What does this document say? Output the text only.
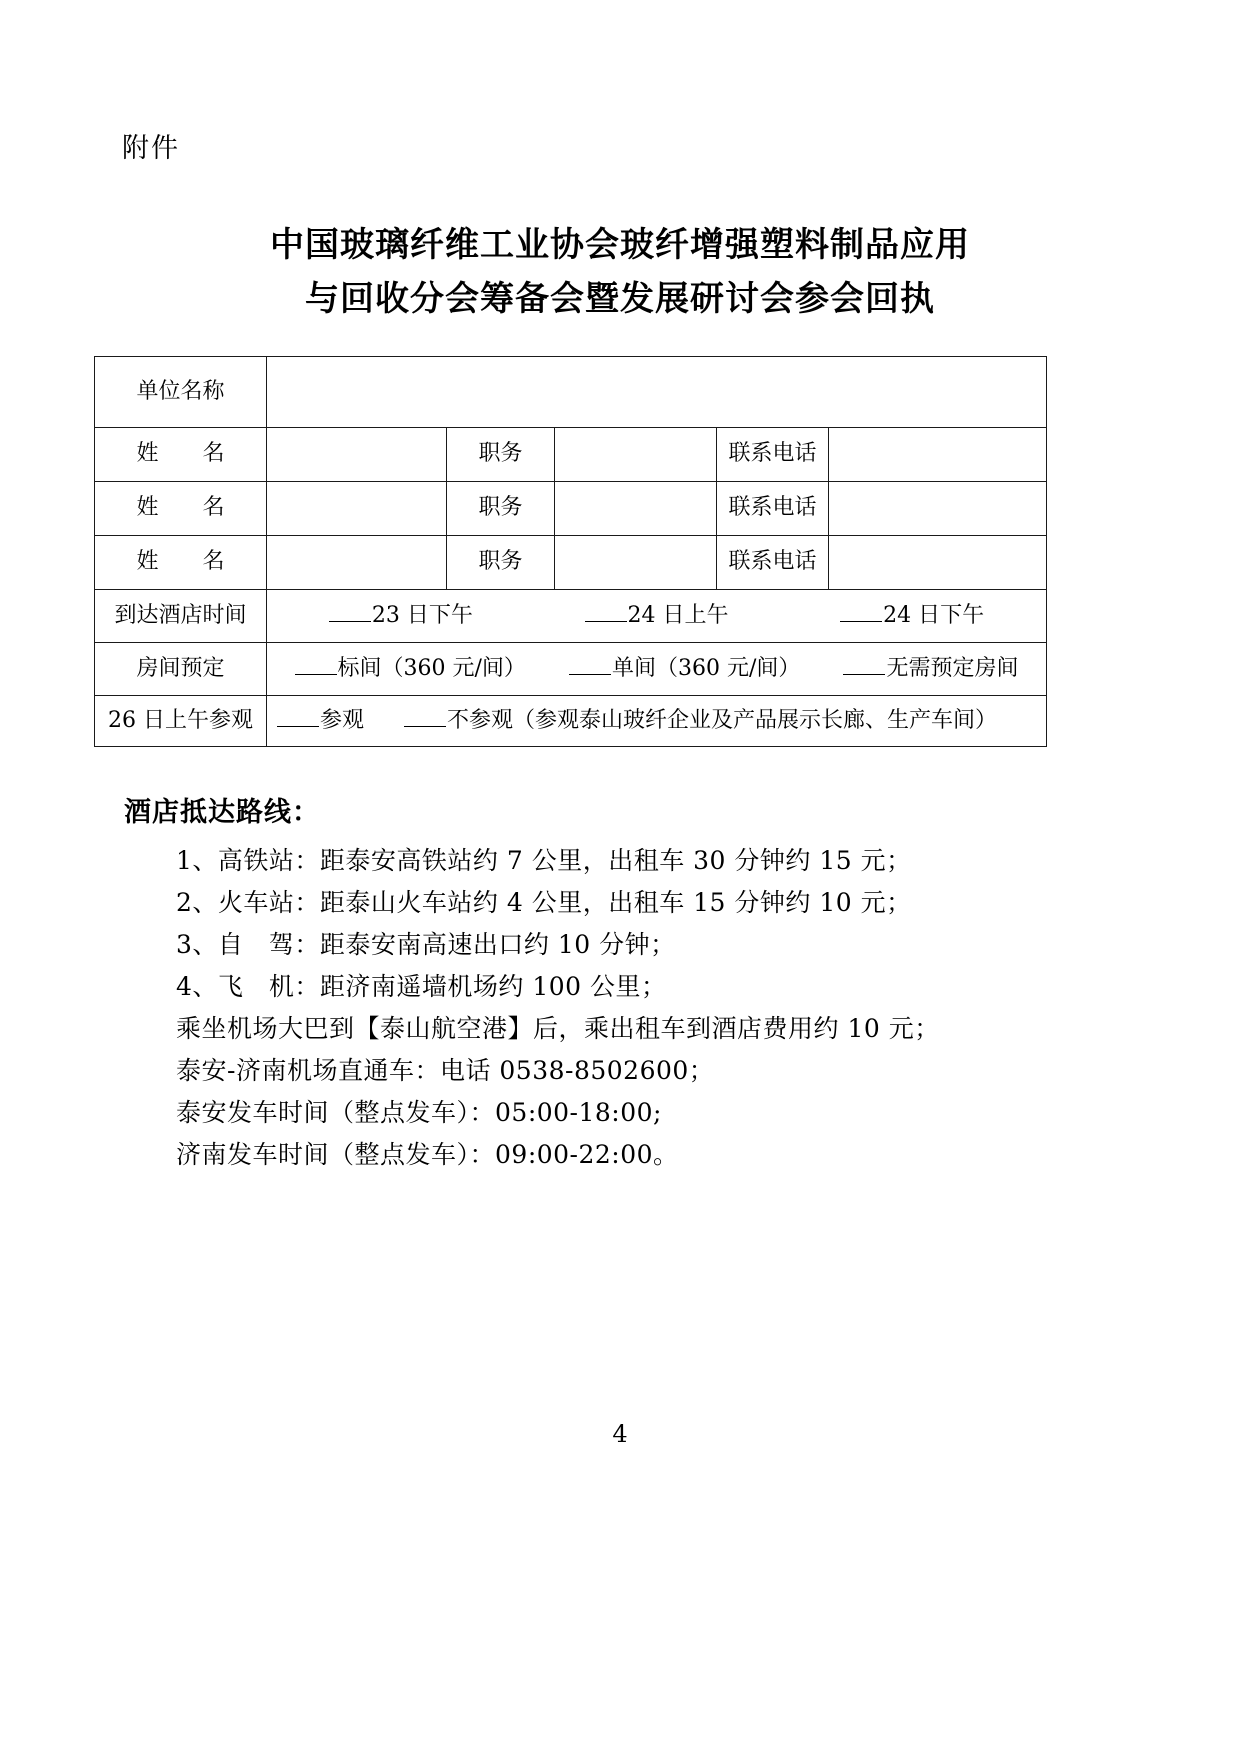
附件
中国玻璃纤维工业协会玻纤增强塑料制品应用
与回收分会筹备会暨发展研讨会参会回执
单位名称					
姓　　名		职务		联系电话	
姓　　名		职务		联系电话	
姓　　名		职务		联系电话	
到达酒店时间	23 日下午 24 日上午 24 日下午				

房间预定	标间（360 元/间） 单间（360 元/间） 无需预定房间				

26 日上午参观	参观 不参观（参观泰山玻纤企业及产品展示长廊、生产车间）				
酒店抵达路线：
1、高铁站：距泰安高铁站约 7 公里，出租车 30 分钟约 15 元；
2、火车站：距泰山火车站约 4 公里，出租车 15 分钟约 10 元；
3、自　驾：距泰安南高速出口约 10 分钟；
4、飞　机：距济南遥墙机场约 100 公里；
乘坐机场大巴到【泰山航空港】后，乘出租车到酒店费用约 10 元；
泰安-济南机场直通车：电话 0538-8502600；
泰安发车时间（整点发车）：05:00-18:00;
济南发车时间（整点发车）：09:00-22:00。
4
